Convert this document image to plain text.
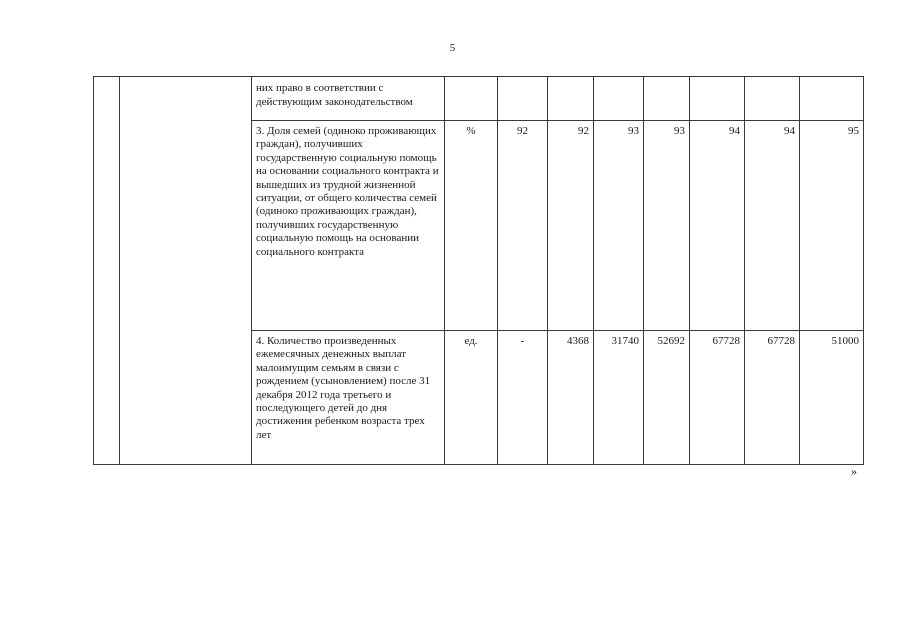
5
		них право в соответствии с действующим законодательством								
		3. Доля семей (одиноко проживающих граждан), получивших государственную социальную помощь на основании социального контракта и вышедших из трудной жизненной ситуации, от общего количества семей (одиноко проживающих граждан), получивших государственную социальную помощь на основании социального контракта	%	92	92	93	93	94	94	95
		4. Количество произведенных ежемесячных денежных выплат малоимущим семьям в связи с рождением (усыновлением) после 31 декабря 2012 года третьего и последующего детей до дня достижения ребенком возраста трех лет	ед.	-	4368	31740	52692	67728	67728	51000
»
